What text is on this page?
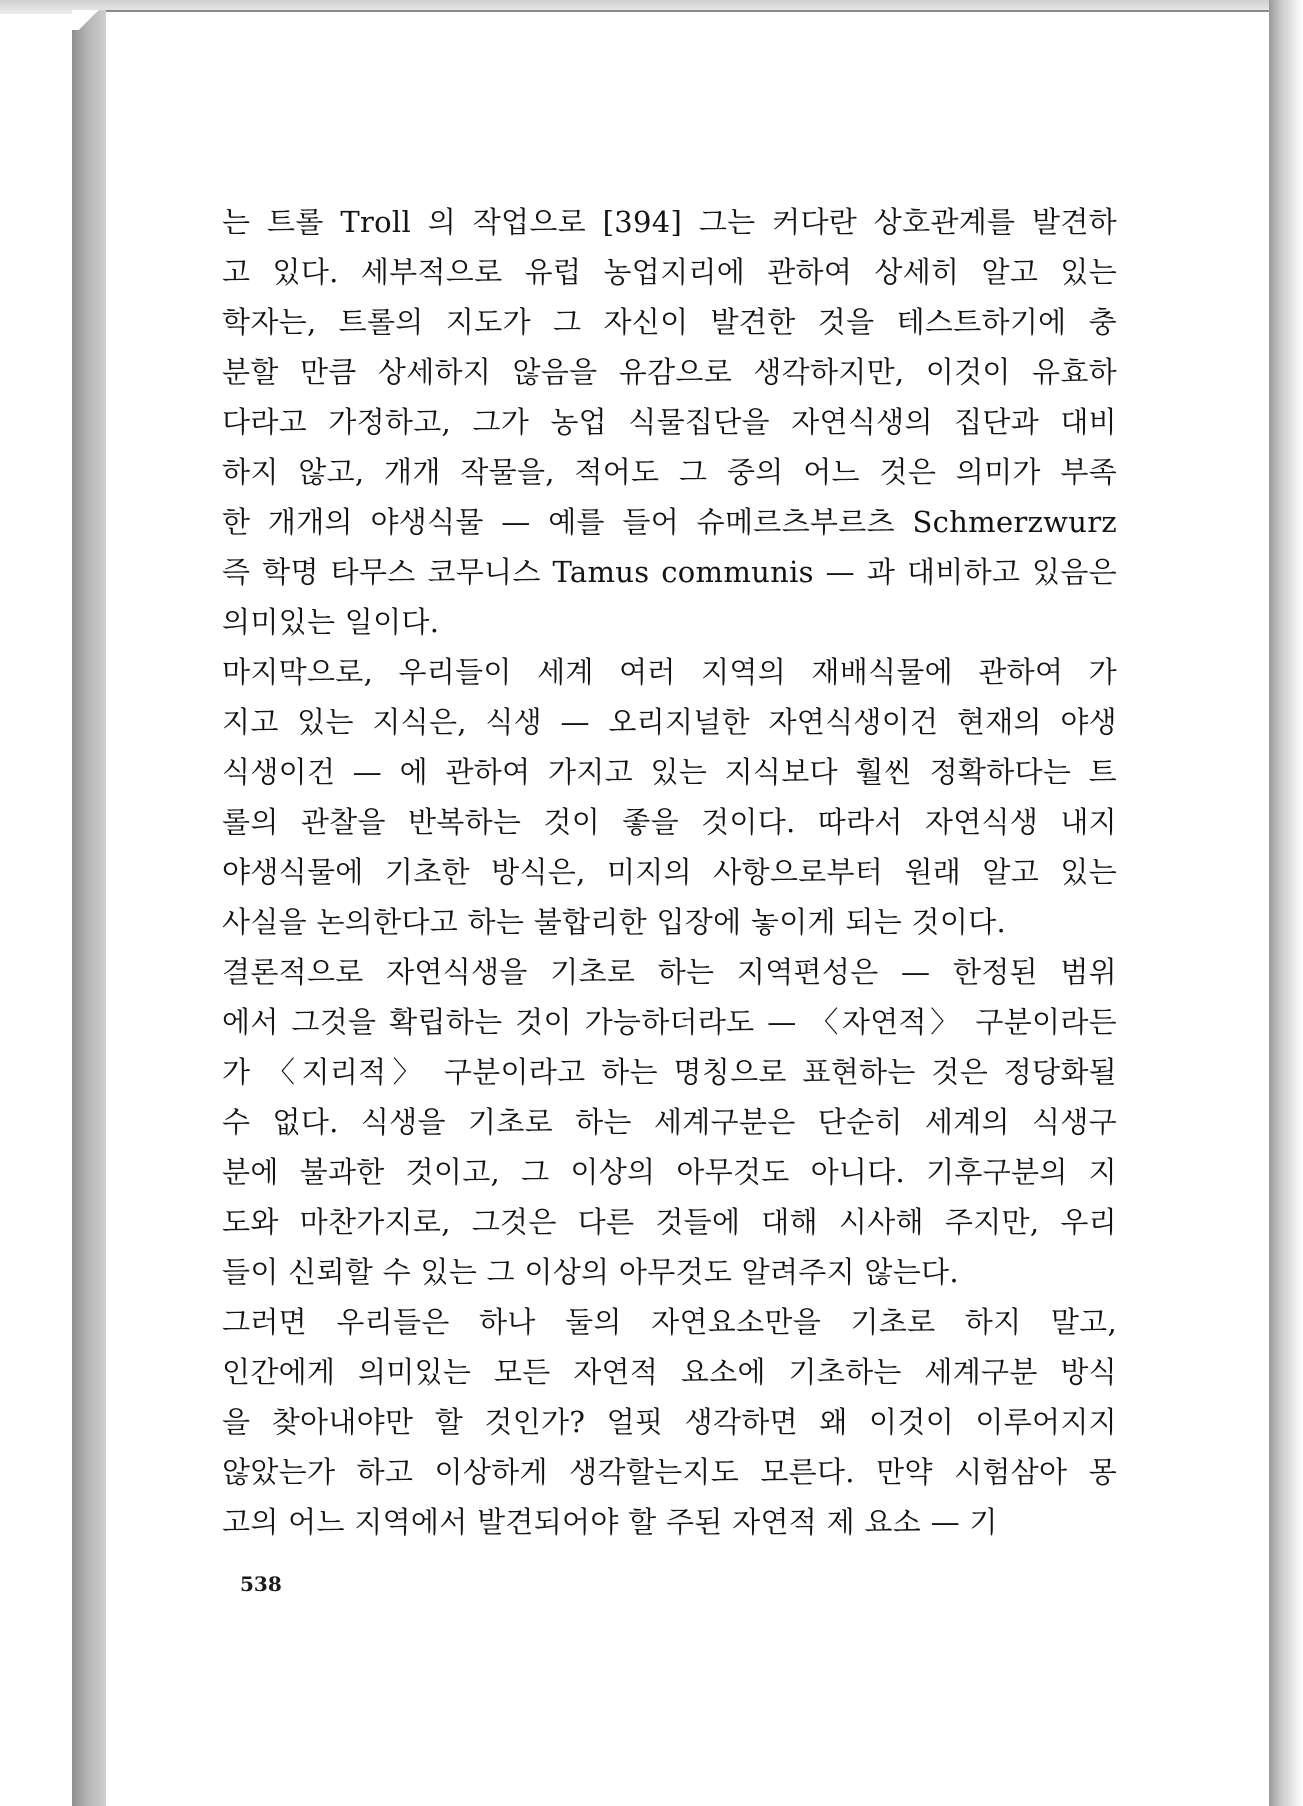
는 트롤 Troll 의 작업으로 [394] 그는 커다란 상호관계를 발견하
고 있다. 세부적으로 유럽 농업지리에 관하여 상세히 알고 있는
학자는, 트롤의 지도가 그 자신이 발견한 것을 테스트하기에 충
분할 만큼 상세하지 않음을 유감으로 생각하지만, 이것이 유효하
다라고 가정하고, 그가 농업 식물집단을 자연식생의 집단과 대비
하지 않고, 개개 작물을, 적어도 그 중의 어느 것은 의미가 부족
한 개개의 야생식물 — 예를 들어 슈메르츠부르츠 Schmerzwurz
즉 학명 타무스 코무니스 Tamus communis — 과 대비하고 있음은
의미있는 일이다.
마지막으로, 우리들이 세계 여러 지역의 재배식물에 관하여 가
지고 있는 지식은, 식생 — 오리지널한 자연식생이건 현재의 야생
식생이건 — 에 관하여 가지고 있는 지식보다 훨씬 정확하다는 트
롤의 관찰을 반복하는 것이 좋을 것이다. 따라서 자연식생 내지
야생식물에 기초한 방식은, 미지의 사항으로부터 원래 알고 있는
사실을 논의한다고 하는 불합리한 입장에 놓이게 되는 것이다.
결론적으로 자연식생을 기초로 하는 지역편성은 — 한정된 범위
에서 그것을 확립하는 것이 가능하더라도 — 〈자연적〉 구분이라든
가 〈지리적〉 구분이라고 하는 명칭으로 표현하는 것은 정당화될
수 없다. 식생을 기초로 하는 세계구분은 단순히 세계의 식생구
분에 불과한 것이고, 그 이상의 아무것도 아니다. 기후구분의 지
도와 마찬가지로, 그것은 다른 것들에 대해 시사해 주지만, 우리
들이 신뢰할 수 있는 그 이상의 아무것도 알려주지 않는다.
그러면 우리들은 하나 둘의 자연요소만을 기초로 하지 말고,
인간에게 의미있는 모든 자연적 요소에 기초하는 세계구분 방식
을 찾아내야만 할 것인가? 얼핏 생각하면 왜 이것이 이루어지지
않았는가 하고 이상하게 생각할는지도 모른다. 만약 시험삼아 몽
고의 어느 지역에서 발견되어야 할 주된 자연적 제 요소 — 기
538
